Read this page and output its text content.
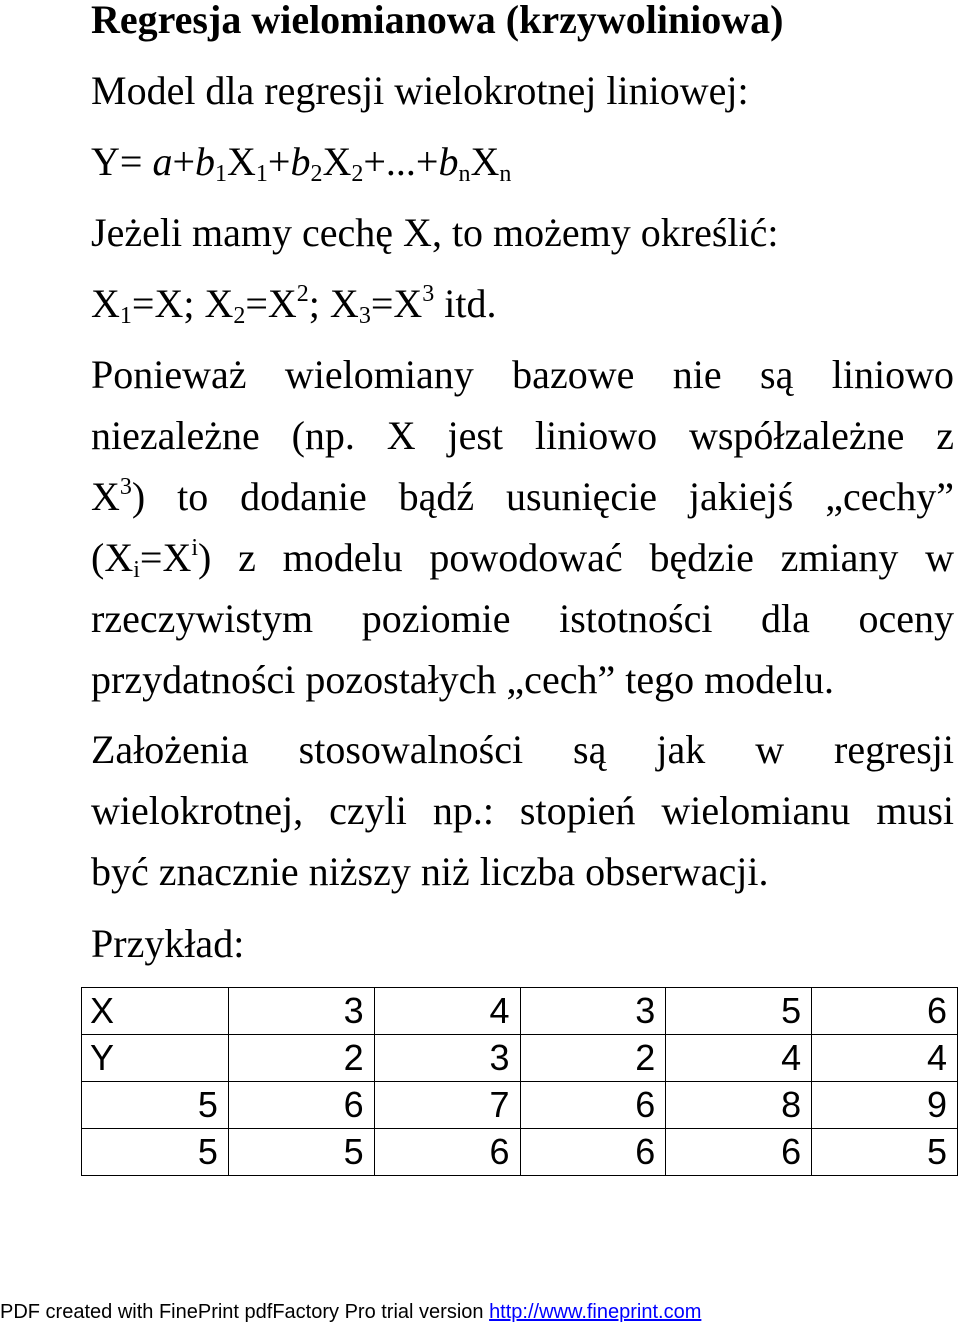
Regresja wielomianowa (krzywoliniowa)
Model dla regresji wielokrotnej liniowej:
Y= a+b1X1+b2X2+...+bnXn
Jeżeli mamy cechę X, to możemy określić:
X1=X; $X2=X^2$; $X3=X^3$ itd.
Ponieważ wielomiany bazowe nie są liniowo
niezależne (np. X jest liniowo współzależne z
$X^3$) to dodanie bądź usunięcie jakiejś „cechy”
$(Xi=X^i)$ z modelu powodować będzie zmiany w
rzeczywistym poziomie istotności dla oceny
przydatności pozostałych „cech” tego modelu.
Założenia stosowalności są jak w regresji
wielokrotnej, czyli np.: stopień wielomianu musi
być znacznie niższy niż liczba obserwacji.
Przykład:
X	3	4	3	5	6
Y	2	3	2	4	4
5	6	7	6	8	9
5	5	6	6	6	5
PDF created with FinePrint pdfFactory Pro trial version http://www.fineprint.com
